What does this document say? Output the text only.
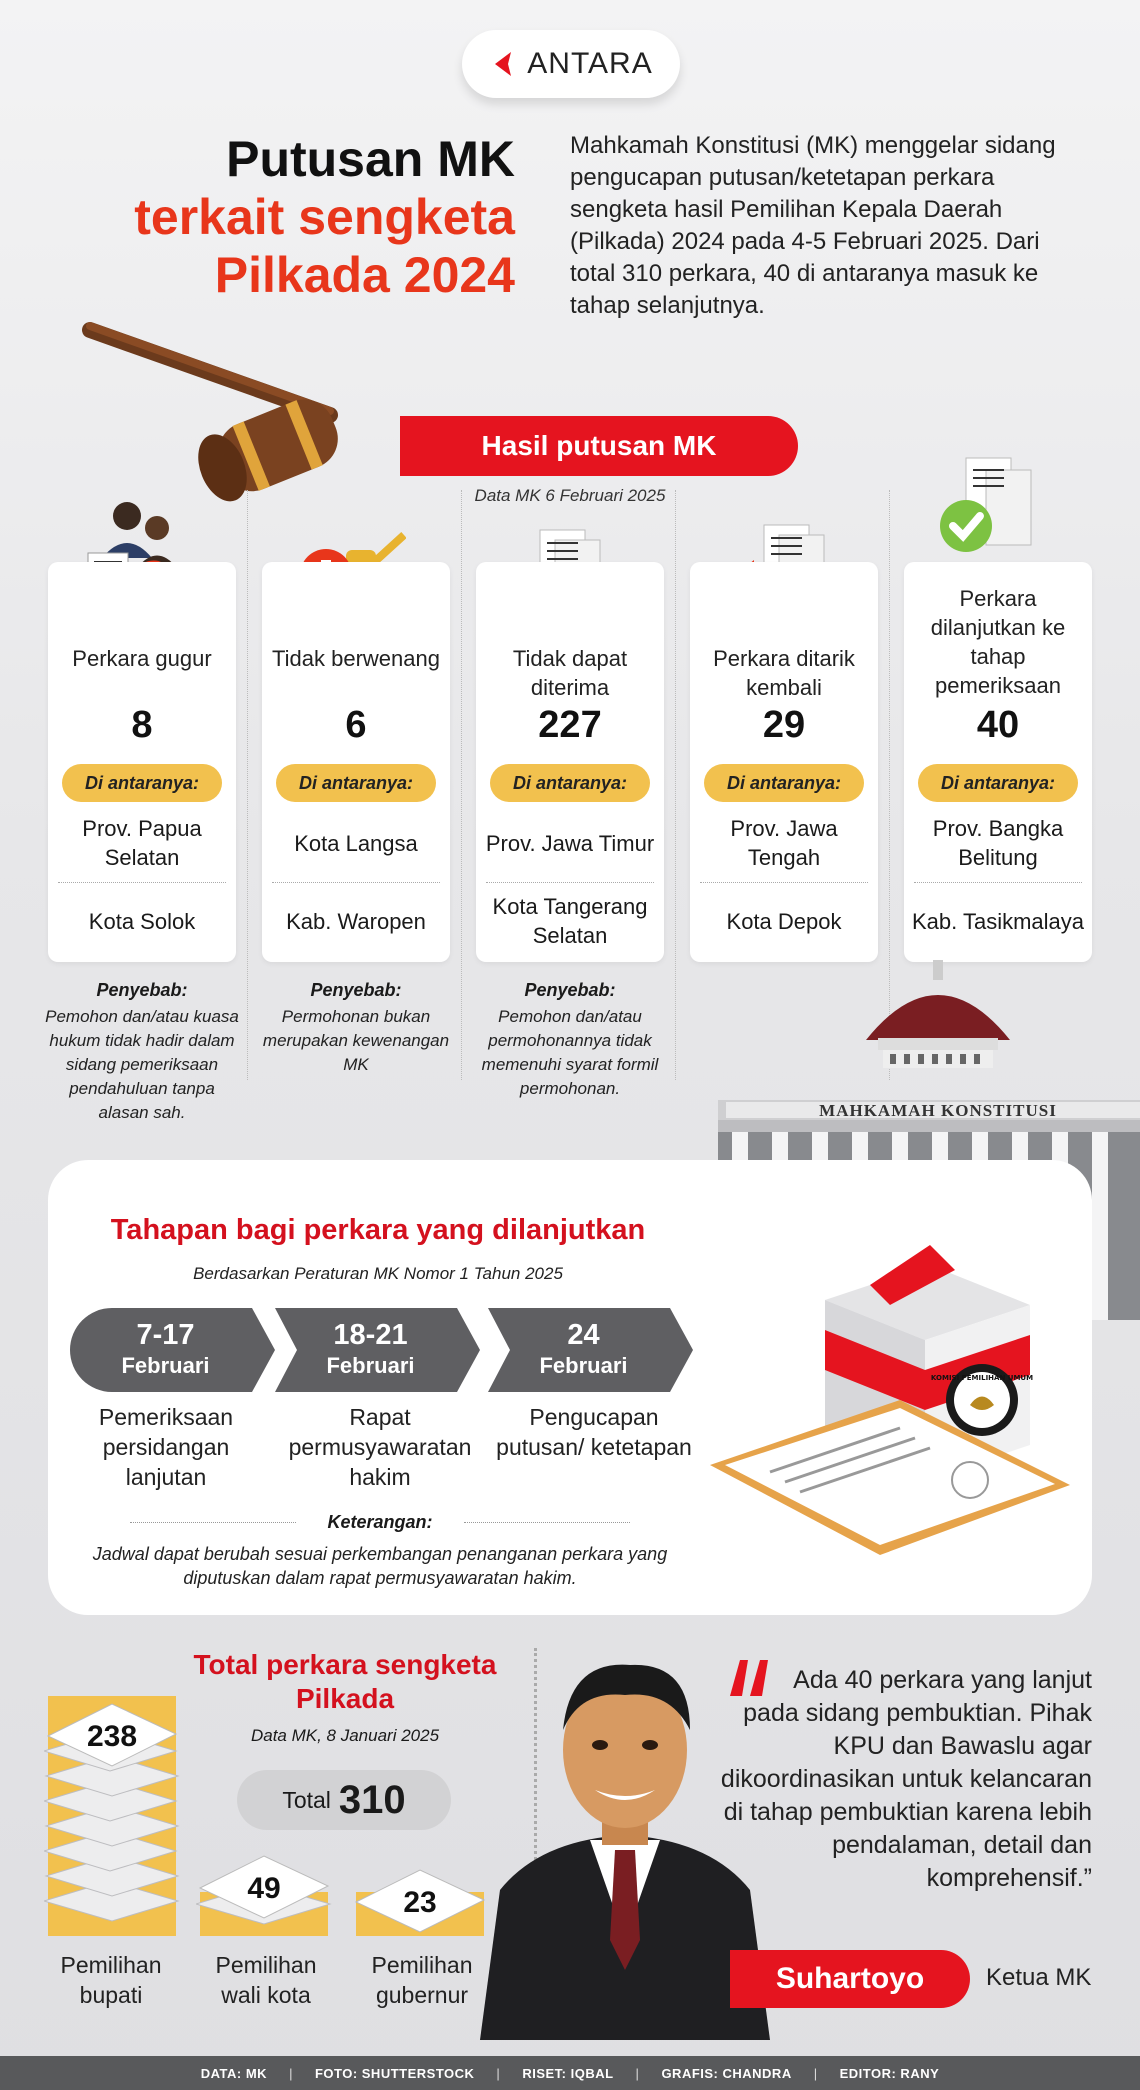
ANTARA
Putusan MK
terkait sengketa
Pilkada 2024
Mahkamah Konstitusi (MK) menggelar sidang pengucapan putusan/ketetapan perkara sengketa hasil Pemilihan Kepala Daerah (Pilkada) 2024 pada 4-5 Februari 2025. Dari total 310 perkara, 40 di antaranya masuk ke tahap selanjutnya.
Hasil putusan MK
Data MK 6 Februari 2025
Perkara gugur
8
Di antaranya:
Prov. Papua Selatan
Kota Solok
Tidak berwenang
6
Di antaranya:
Kota Langsa
Kab. Waropen
Tidak dapat diterima
227
Di antaranya:
Prov. Jawa Timur
Kota Tangerang Selatan
Perkara ditarik kembali
29
Di antaranya:
Prov. Jawa Tengah
Kota Depok
Perkara dilanjutkan ke tahap pemeriksaan
40
Di antaranya:
Prov. Bangka Belitung
Kab. Tasikmalaya
Penyebab:
Pemohon dan/atau kuasa hukum tidak hadir dalam sidang pemeriksaan pendahuluan tanpa alasan sah.
Penyebab:
Permohonan bukan merupakan kewenangan MK
Penyebab:
Pemohon dan/atau permohonannya tidak memenuhi syarat formil permohonan.
MAHKAMAH KONSTITUSI
Tahapan bagi perkara yang dilanjutkan
Berdasarkan Peraturan MK Nomor 1 Tahun 2025
7-17
Februari
18-21
Februari
24
Februari
Pemeriksaan persidangan lanjutan
Rapat permusyawaratan hakim
Pengucapan putusan/ ketetapan
Keterangan:
Jadwal dapat berubah sesuai perkembangan penanganan perkara yang diputuskan dalam rapat permusyawaratan hakim.
KOMISI PEMILIHAN UMUM
Total perkara sengketa Pilkada
Data MK, 8 Januari 2025
Total 310
238
49	23
Pemilihan bupati
Pemilihan wali kota
Pemilihan gubernur
Ada 40 perkara yang lanjut pada sidang pembuktian. Pihak KPU dan Bawaslu agar dikoordinasikan untuk kelancaran di tahap pembuktian karena lebih pendalaman, detail dan komprehensif.”
Suhartoyo	Ketua MK
DATA: MK | FOTO: SHUTTERSTOCK | RISET: IQBAL | GRAFIS: CHANDRA | EDITOR: RANY
